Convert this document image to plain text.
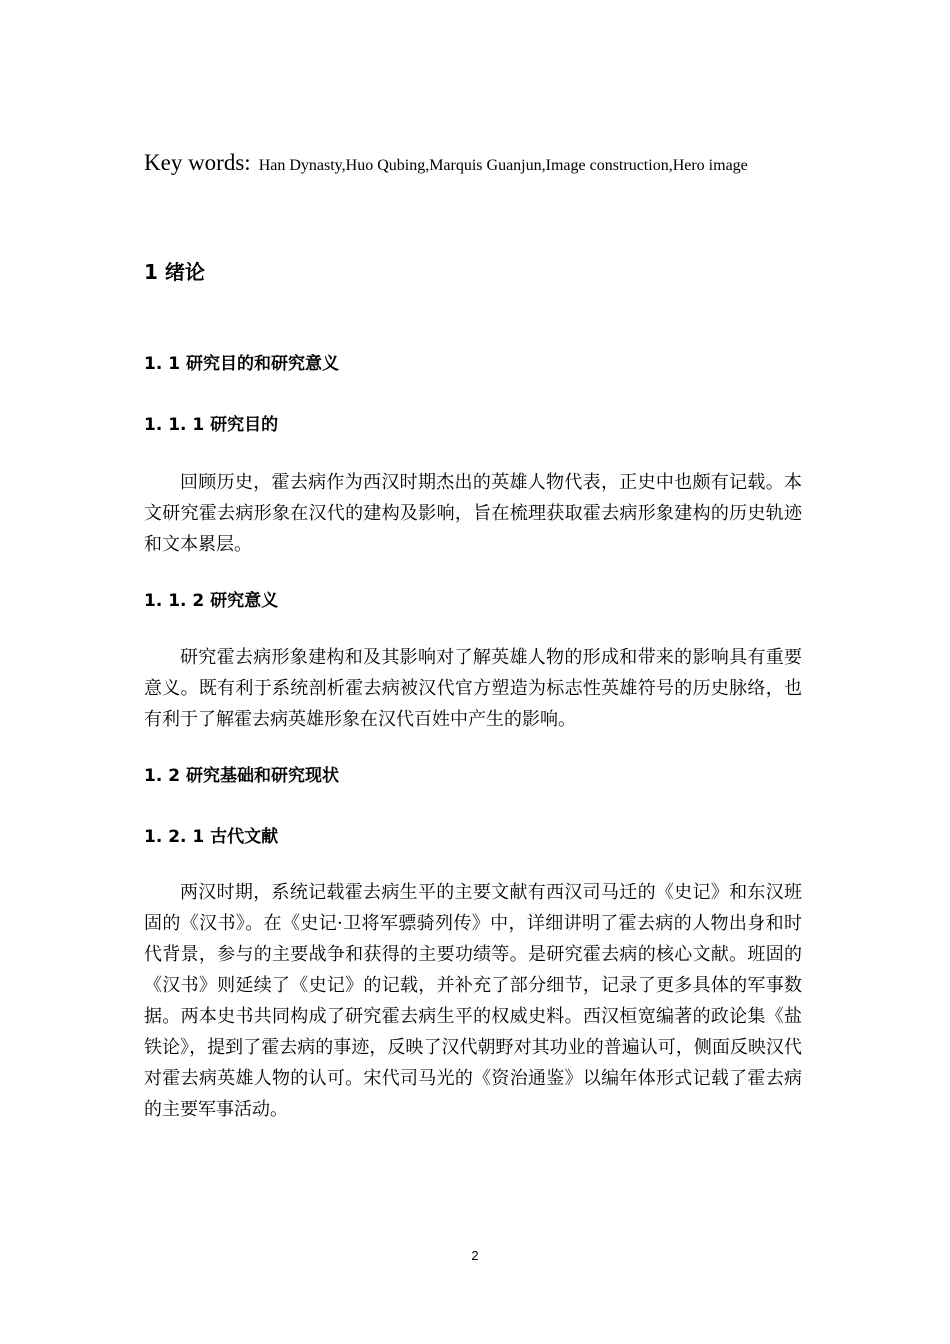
Key words: Han Dynasty,Huo Qubing,Marquis Guanjun,Image construction,Hero image
1 绪论
1. 1 研究目的和研究意义
1. 1. 1 研究目的

回顾历史，霍去病作为西汉时期杰出的英雄人物代表，正史中也颇有记载。本文研究霍去病形象在汉代的建构及影响，旨在梳理获取霍去病形象建构的历史轨迹和文本累层。

1. 1. 2 研究意义

研究霍去病形象建构和及其影响对了解英雄人物的形成和带来的影响具有重要意义。既有利于系统剖析霍去病被汉代官方塑造为标志性英雄符号的历史脉络，也有利于了解霍去病英雄形象在汉代百姓中产生的影响。

1. 2 研究基础和研究现状
1. 2. 1 古代文献

两汉时期，系统记载霍去病生平的主要文献有西汉司马迁的《史记》和东汉班固的《汉书》。在《史记·卫将军骠骑列传》中，详细讲明了霍去病的人物出身和时代背景，参与的主要战争和获得的主要功绩等。是研究霍去病的核心文献。班固的《汉书》则延续了《史记》的记载，并补充了部分细节，记录了更多具体的军事数据。两本史书共同构成了研究霍去病生平的权威史料。西汉桓宽编著的政论集《盐铁论》，提到了霍去病的事迹，反映了汉代朝野对其功业的普遍认可，侧面反映汉代对霍去病英雄人物的认可。宋代司马光的《资治通鉴》以编年体形式记载了霍去病的主要军事活动。

2
